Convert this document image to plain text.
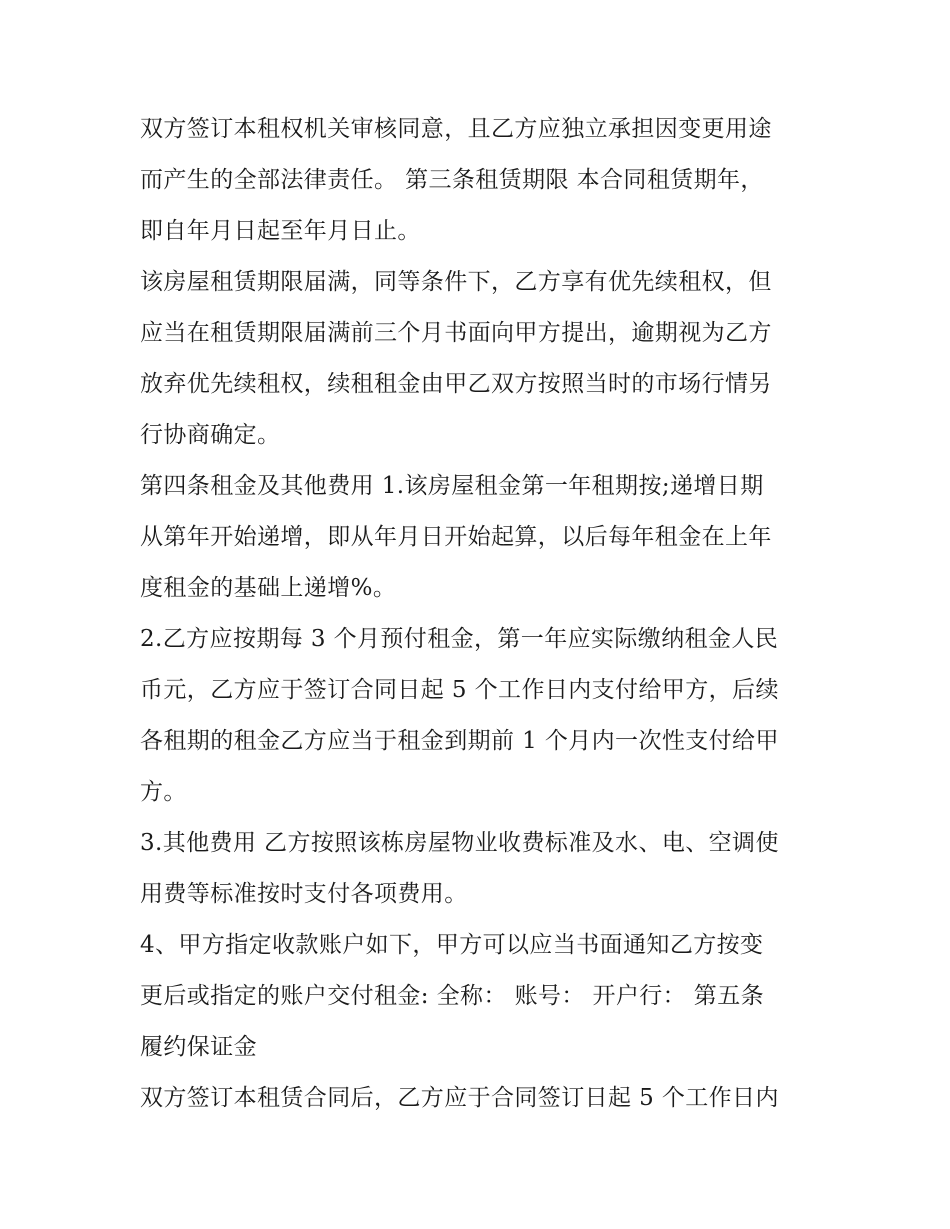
双方签订本租权机关审核同意，且乙方应独立承担因变更用途
而产生的全部法律责任。 第三条租赁期限 本合同租赁期年，
即自年月日起至年月日止。

该房屋租赁期限届满，同等条件下，乙方享有优先续租权，但
应当在租赁期限届满前三个月书面向甲方提出，逾期视为乙方
放弃优先续租权，续租租金由甲乙双方按照当时的市场行情另
行协商确定。

第四条租金及其他费用 1.该房屋租金第一年租期按;递增日期
从第年开始递增，即从年月日开始起算，以后每年租金在上年
度租金的基础上递增%。

2.乙方应按期每 3 个月预付租金，第一年应实际缴纳租金人民
币元，乙方应于签订合同日起 5 个工作日内支付给甲方，后续
各租期的租金乙方应当于租金到期前 1 个月内一次性支付给甲
方。

3.其他费用 乙方按照该栋房屋物业收费标准及水、电、空调使
用费等标准按时支付各项费用。

4、甲方指定收款账户如下，甲方可以应当书面通知乙方按变
更后或指定的账户交付租金: 全称： 账号： 开户行： 第五条
履约保证金

双方签订本租赁合同后，乙方应于合同签订日起 5 个工作日内
